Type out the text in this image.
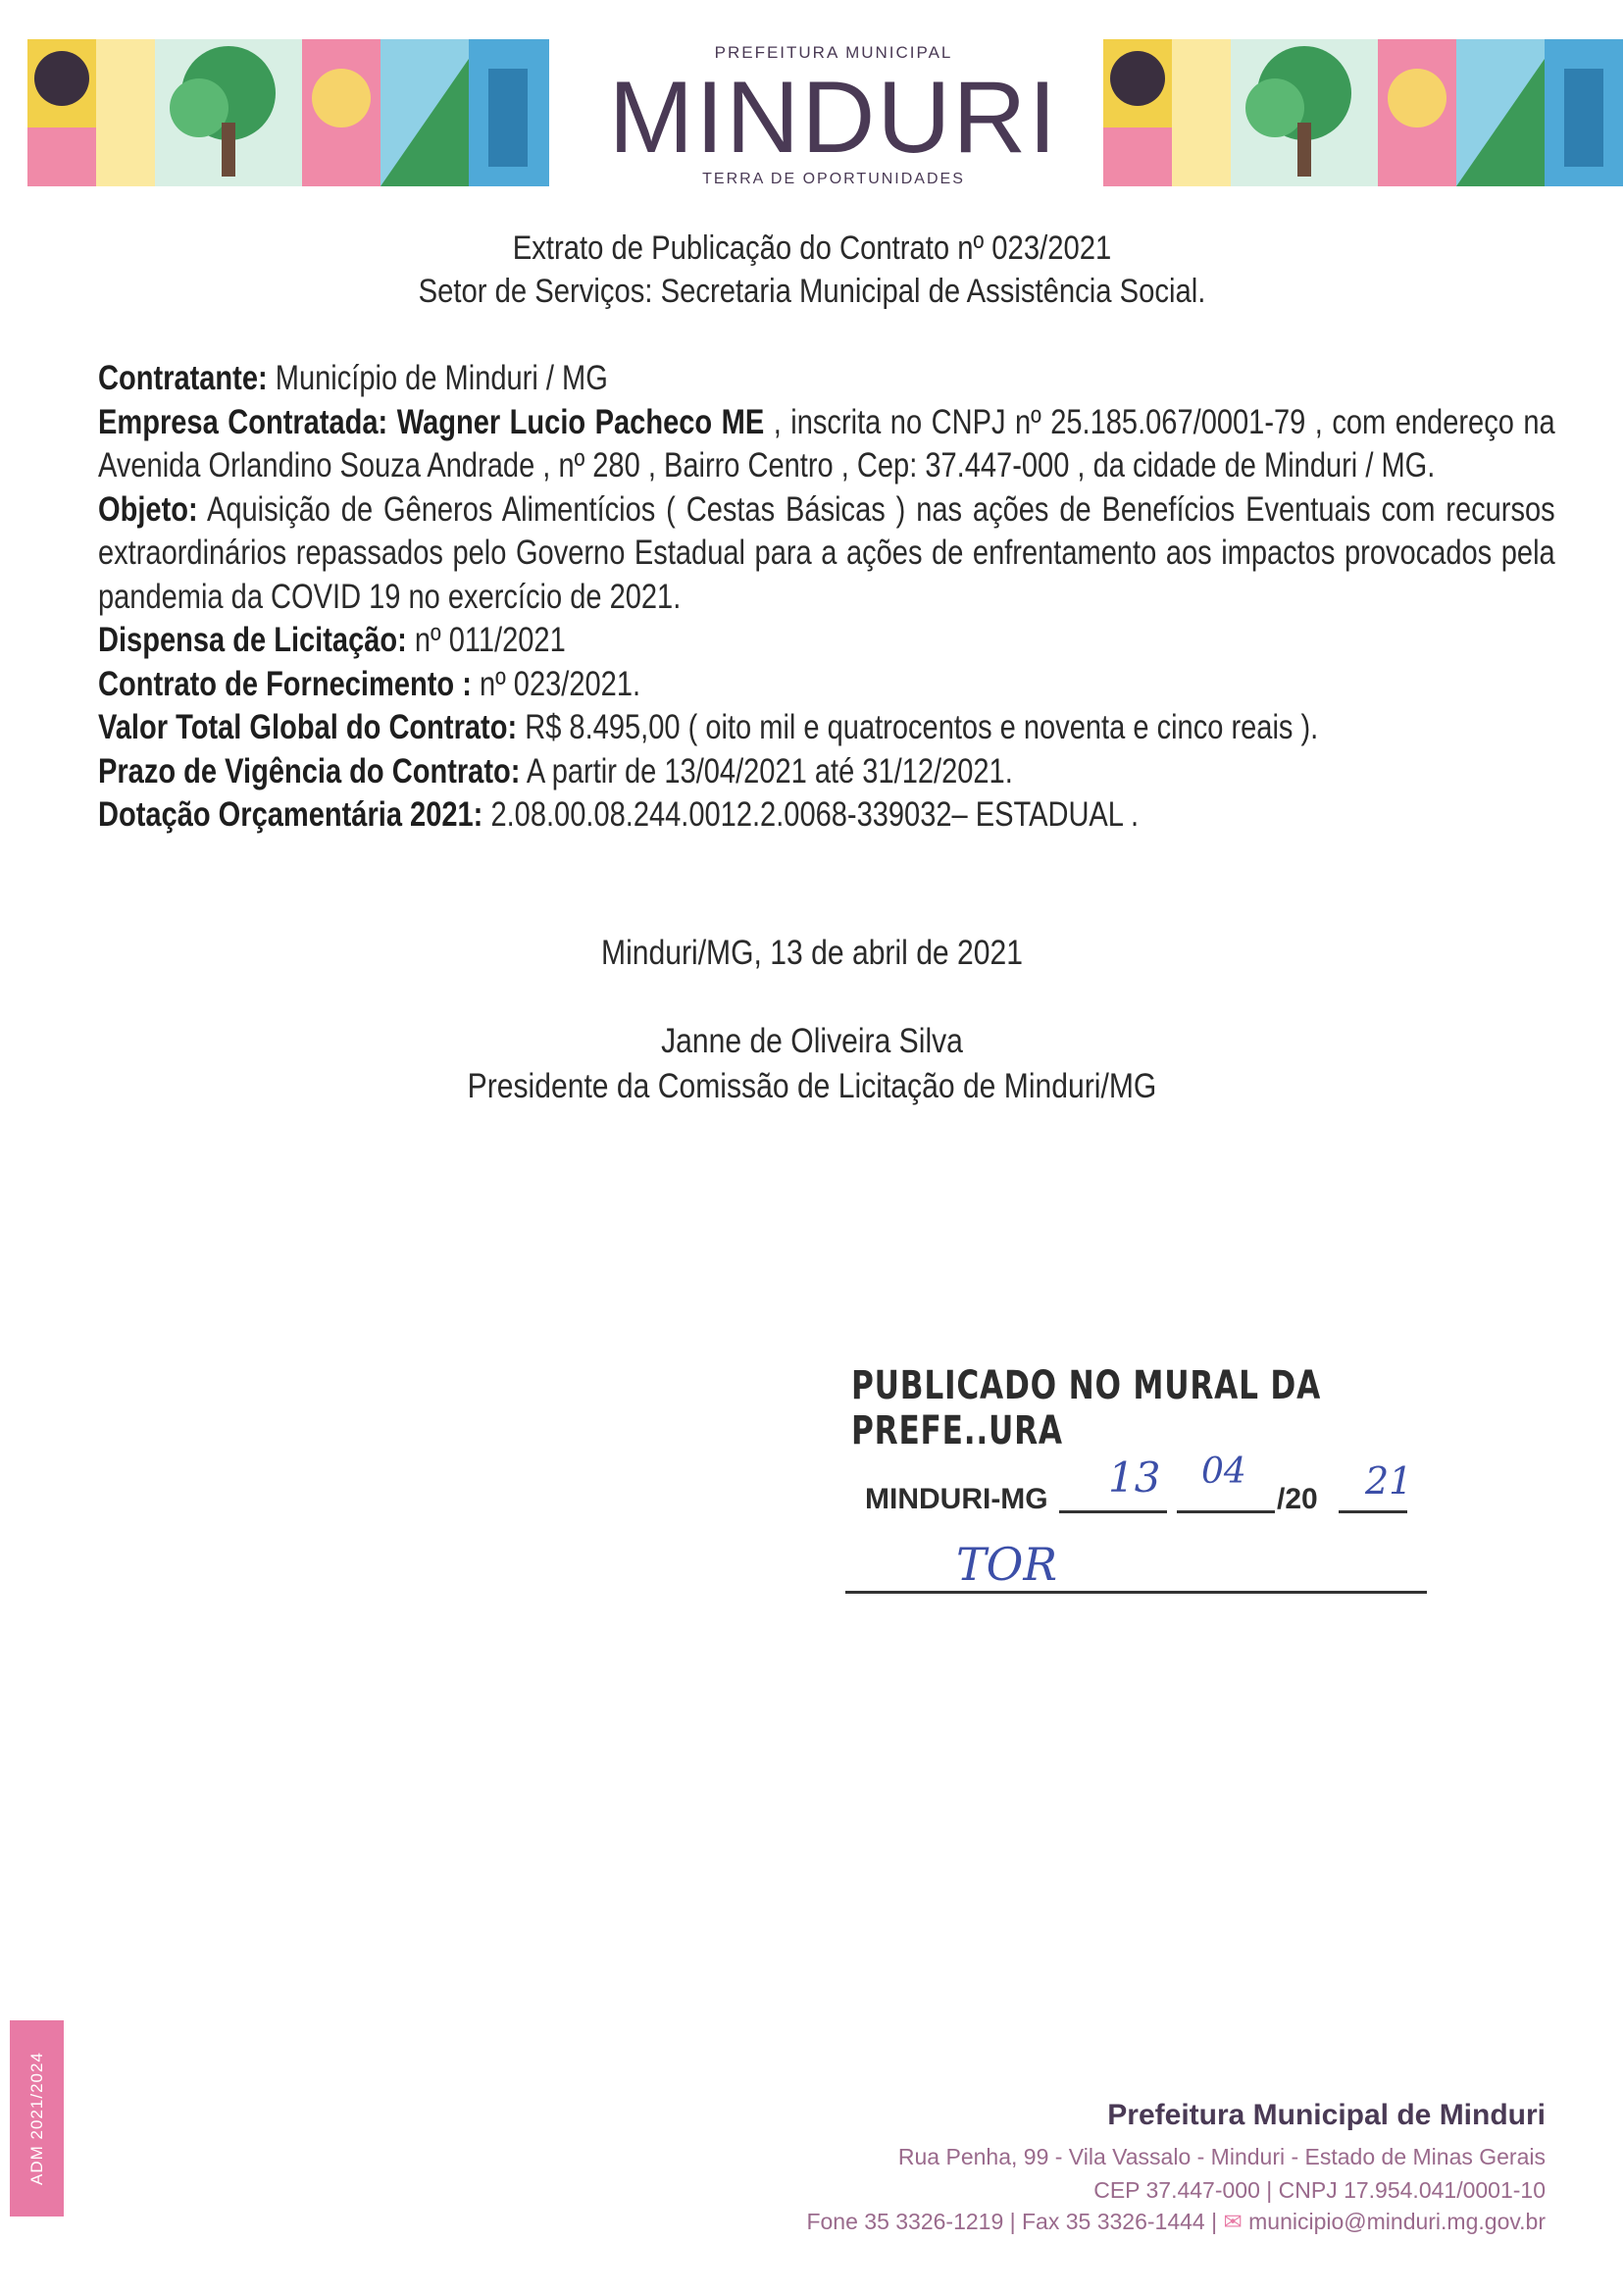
PREFEITURA MUNICIPAL
MINDURI
TERRA DE OPORTUNIDADES
Extrato de Publicação do Contrato nº 023/2021
Setor de Serviços: Secretaria Municipal de Assistência Social.

Contratante: Município de Minduri / MG

Empresa Contratada: Wagner Lucio Pacheco ME , inscrita no CNPJ nº 25.185.067/0001-79 , com endereço na Avenida Orlandino Souza Andrade , nº 280 , Bairro Centro , Cep: 37.447-000 , da cidade de Minduri / MG.

Objeto: Aquisição de Gêneros Alimentícios ( Cestas Básicas ) nas ações de Benefícios Eventuais com recursos extraordinários repassados pelo Governo Estadual para a ações de enfrentamento aos impactos provocados pela pandemia da COVID 19 no exercício de 2021.

Dispensa de Licitação: nº 011/2021

Contrato de Fornecimento : nº 023/2021.

Valor Total Global do Contrato: R$ 8.495,00 ( oito mil e quatrocentos e noventa e cinco reais ).

Prazo de Vigência do Contrato: A partir de 13/04/2021 até 31/12/2021.

Dotação Orçamentária 2021: 2.08.00.08.244.0012.2.0068-339032– ESTADUAL .

Minduri/MG, 13 de abril de 2021
Janne de Oliveira Silva
Presidente da Comissão de Licitação de Minduri/MG
PUBLICADO NO MURAL DA PREFE..URA
MINDURI-MG 13 04
/20 21
TOR
ADM 2021/2024	Prefeitura Municipal de Minduri
Rua Penha, 99 - Vila Vassalo - Minduri - Estado de Minas Gerais
CEP 37.447-000 | CNPJ 17.954.041/0001-10
Fone 35 3326-1219 | Fax 35 3326-1444 | ✉ municipio@minduri.mg.gov.br
